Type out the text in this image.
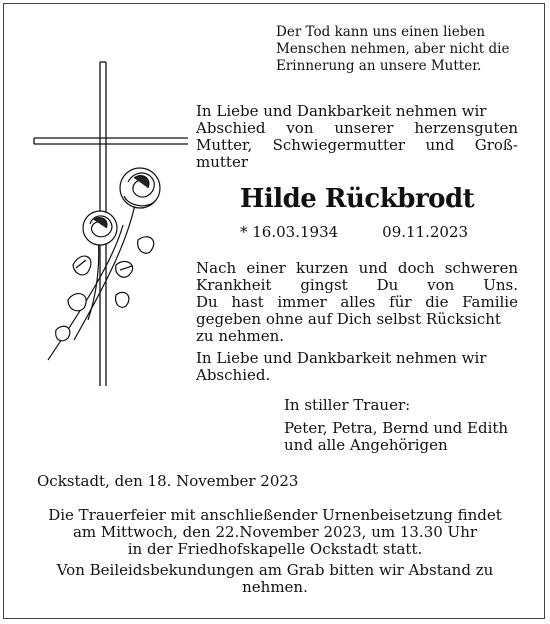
Der Tod kann uns einen lieben
Menschen nehmen, aber nicht die
Erinnerung an unsere Mutter.
In Liebe und Dankbarkeit nehmen wir
Abschied von unserer herzensguten
Mutter, Schwiegermutter und Groß-
mutter
Hilde Rückbrodt
* 16.03.1934	09.11.2023
Nach einer kurzen und doch schweren
Krankheit gingst Du von Uns.
Du hast immer alles für die Familie
gegeben ohne auf Dich selbst Rücksicht
zu nehmen.
In Liebe und Dankbarkeit nehmen wir
Abschied.
In stiller Trauer:
Peter, Petra, Bernd und Edith
und alle Angehörigen
Ockstadt, den 18. November 2023
Die Trauerfeier mit anschließender Urnenbeisetzung findet
am Mittwoch, den 22.November 2023, um 13.30 Uhr
in der Friedhofskapelle Ockstadt statt.
Von Beileidsbekundungen am Grab bitten wir Abstand zu
nehmen.
